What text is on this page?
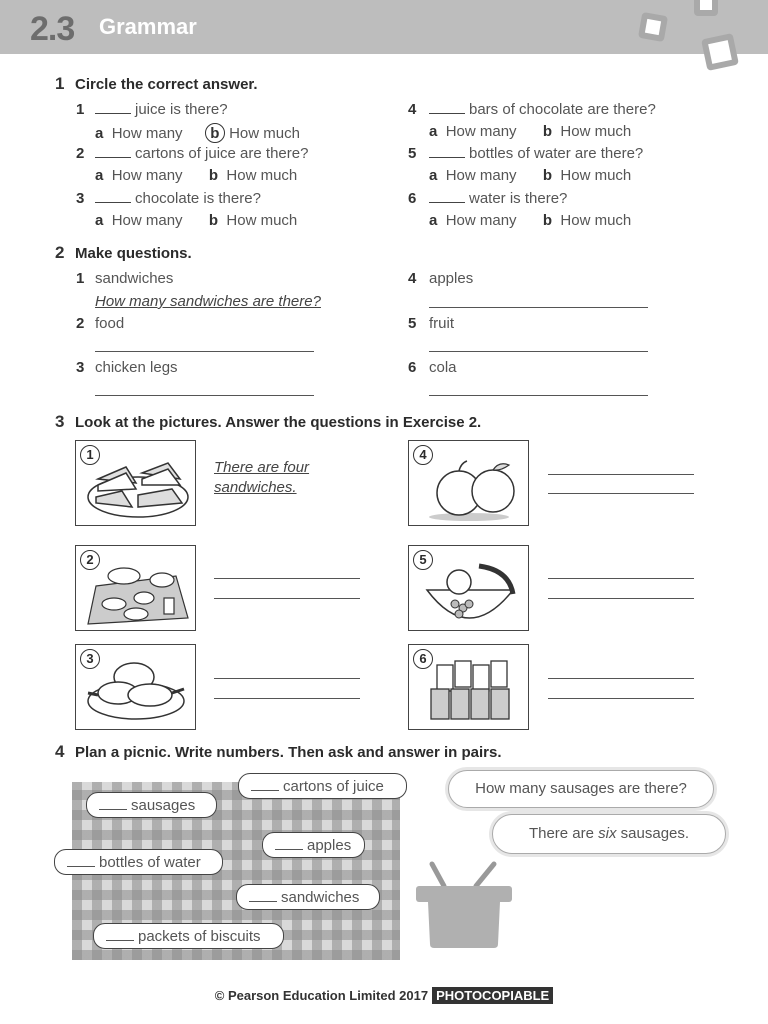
2.3 Grammar
1 Circle the correct answer.
1	juice is there?
a How many b How much
2	cartons of juice are there?
a How many b How much
3	chocolate is there?
a How many b How much
4	bars of chocolate are there?
a How many b How much
5	bottles of water are there?
a How many b How much
6	water is there?
a How many b How much
2 Make questions.
1 sandwiches
How many sandwiches are there?
2 food
3 chicken legs
4 apples
5 fruit
6 cola
3 Look at the pictures. Answer the questions in Exercise 2.
1
There are four
sandwiches.
2
3
4
5
6
4 Plan a picnic. Write numbers. Then ask and answer in pairs.
cartons of juice
sausages
apples
bottles of water
sandwiches
packets of biscuits
How many sausages are there?
There are six sausages.
© Pearson Education Limited 2017 PHOTOCOPIABLE
